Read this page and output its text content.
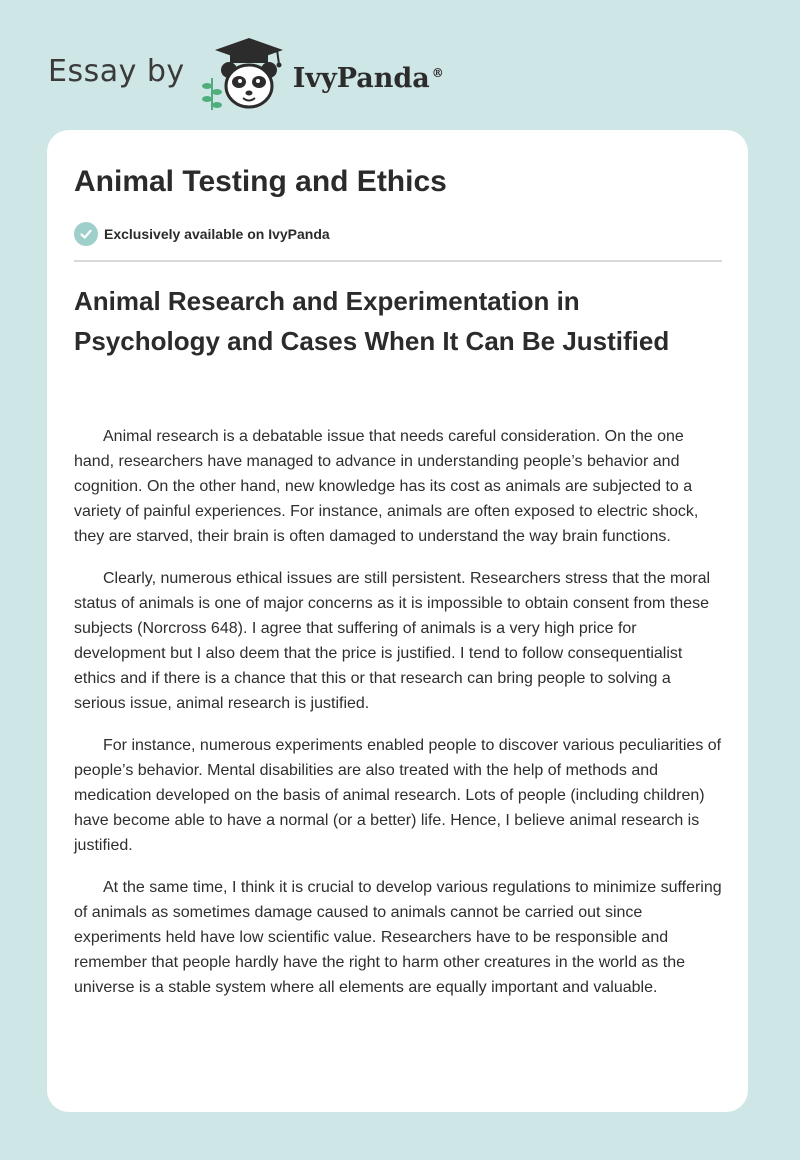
Essay by	IvyPanda ®
Animal Testing and Ethics
Exclusively available on IvyPanda
Animal Research and Experimentation in Psychology and Cases When It Can Be Justified

Animal research is a debatable issue that needs careful consideration. On the one hand, researchers have managed to advance in understanding people’s behavior and cognition. On the other hand, new knowledge has its cost as animals are subjected to a variety of painful experiences. For instance, animals are often exposed to electric shock, they are starved, their brain is often damaged to understand the way brain functions.

Clearly, numerous ethical issues are still persistent. Researchers stress that the moral status of animals is one of major concerns as it is impossible to obtain consent from these subjects (Norcross 648). I agree that suffering of animals is a very high price for development but I also deem that the price is justified. I tend to follow consequentialist ethics and if there is a chance that this or that research can bring people to solving a serious issue, animal research is justified.

For instance, numerous experiments enabled people to discover various peculiarities of people’s behavior. Mental disabilities are also treated with the help of methods and medication developed on the basis of animal research. Lots of people (including children) have become able to have a normal (or a better) life. Hence, I believe animal research is justified.

At the same time, I think it is crucial to develop various regulations to minimize suffering of animals as sometimes damage caused to animals cannot be carried out since experiments held have low scientific value. Researchers have to be responsible and remember that people hardly have the right to harm other creatures in the world as the universe is a stable system where all elements are equally important and valuable.
